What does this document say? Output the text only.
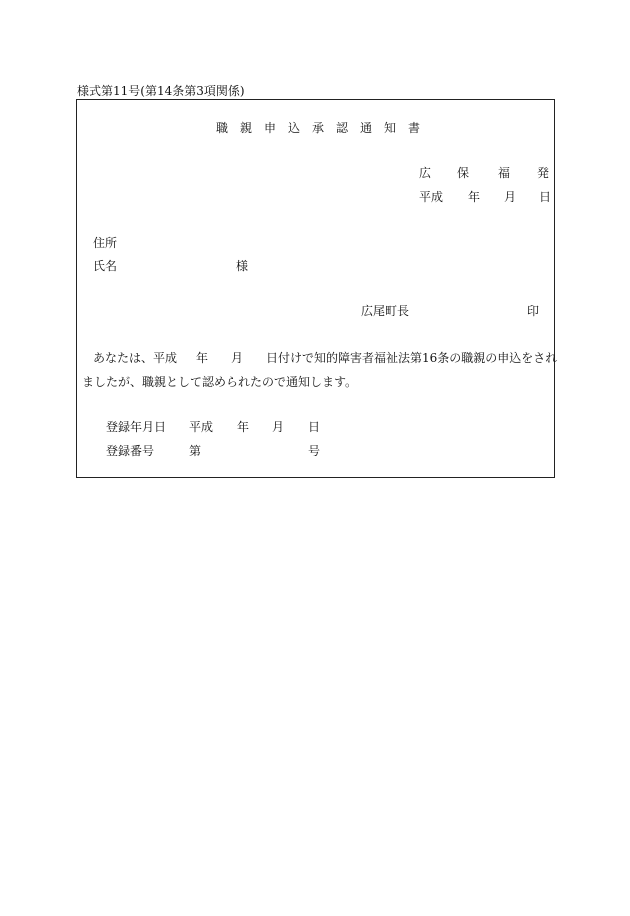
様式第11号(第14条第3項関係)
職 親 申 込 承 認 通 知 書
広 保 福 発
平成 年 月 日
住所
氏名	様
広尾町長	印
あなたは、平成 年 月 日付けで知的障害者福祉法第16条の職親の申込をされ
ましたが、職親として認められたので通知します。
登録年月日 平成 年 月 日
登録番号	第	号
